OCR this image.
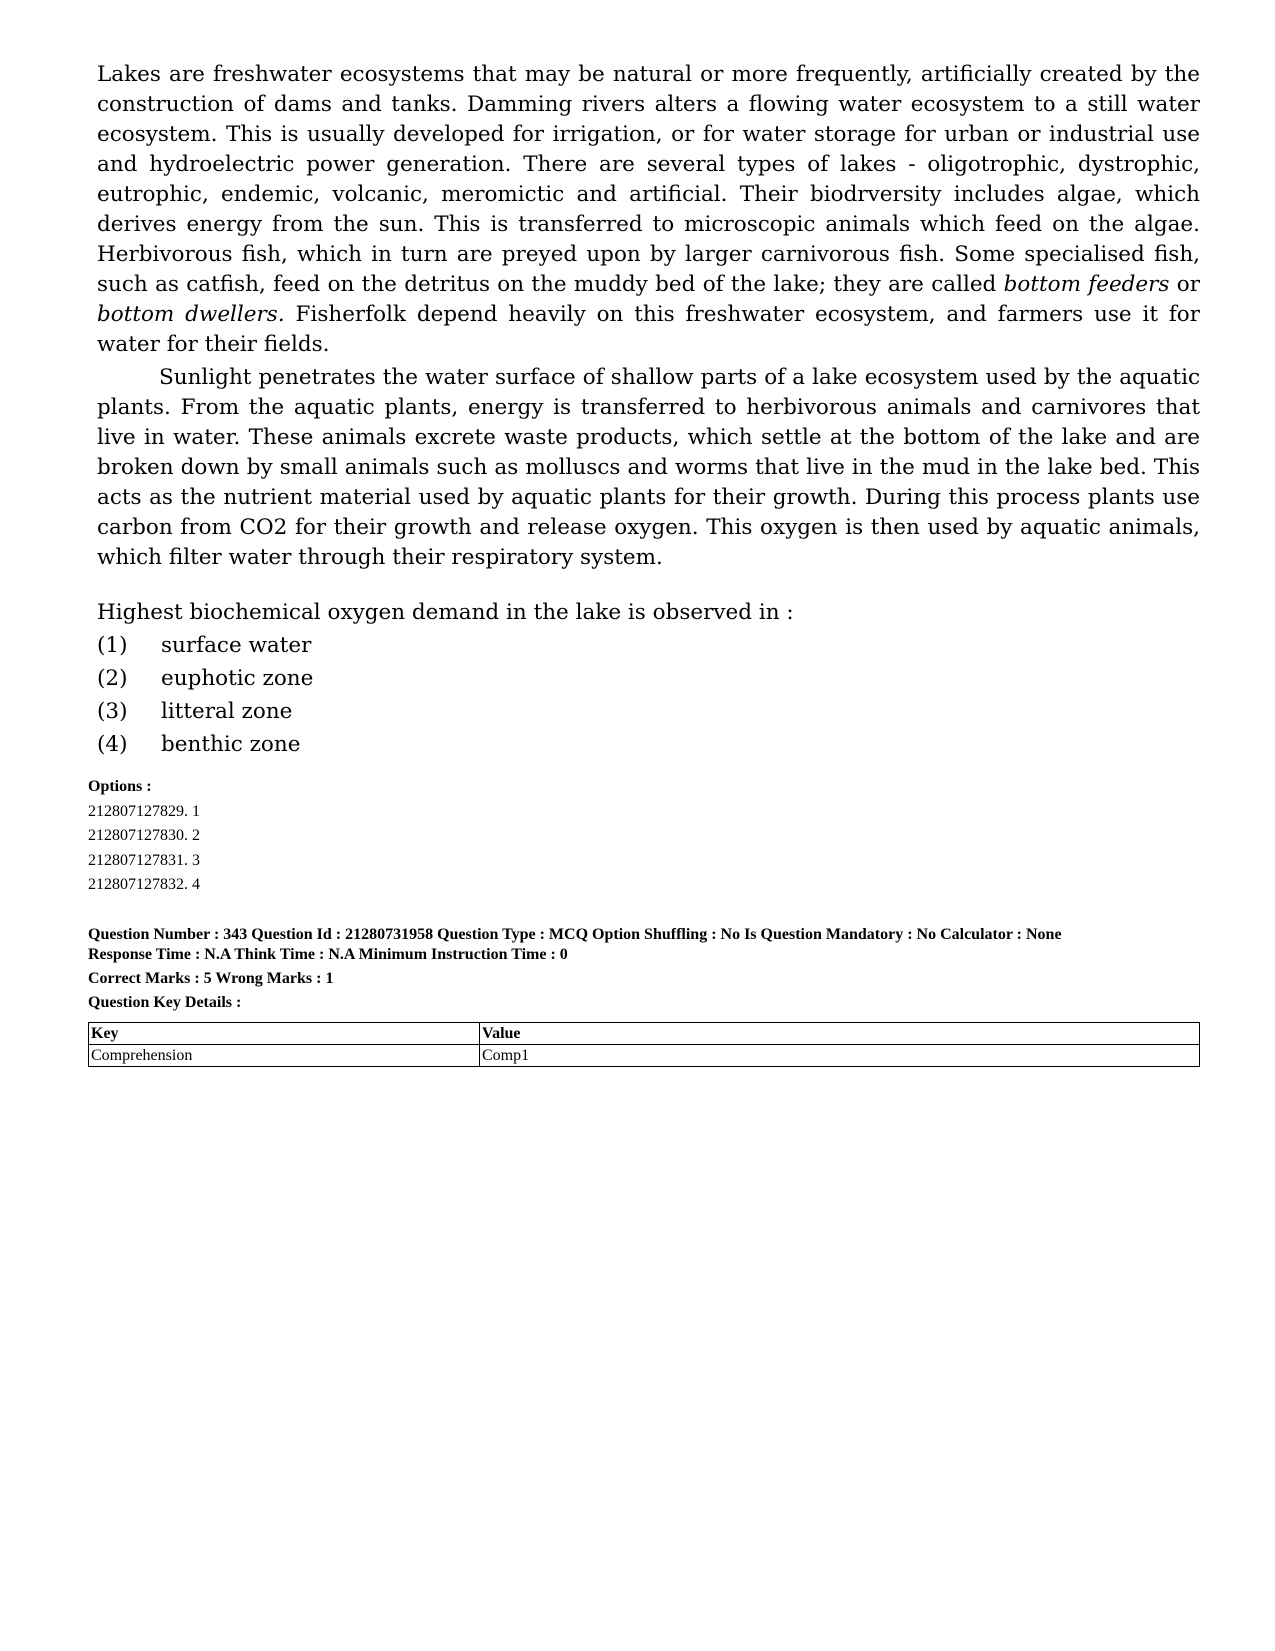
Lakes are freshwater ecosystems that may be natural or more frequently, artificially created by the construction of dams and tanks. Damming rivers alters a flowing water ecosystem to a still water ecosystem. This is usually developed for irrigation, or for water storage for urban or industrial use and hydroelectric power generation. There are several types of lakes - oligotrophic, dystrophic, eutrophic, endemic, volcanic, meromictic and artificial. Their biodrversity includes algae, which derives energy from the sun. This is transferred to microscopic animals which feed on the algae. Herbivorous fish, which in turn are preyed upon by larger carnivorous fish. Some specialised fish, such as catfish, feed on the detritus on the muddy bed of the lake; they are called bottom feeders or bottom dwellers. Fisherfolk depend heavily on this freshwater ecosystem, and farmers use it for water for their fields.

Sunlight penetrates the water surface of shallow parts of a lake ecosystem used by the aquatic plants. From the aquatic plants, energy is transferred to herbivorous animals and carnivores that live in water. These animals excrete waste products, which settle at the bottom of the lake and are broken down by small animals such as molluscs and worms that live in the mud in the lake bed. This acts as the nutrient material used by aquatic plants for their growth. During this process plants use carbon from CO2 for their growth and release oxygen. This oxygen is then used by aquatic animals, which filter water through their respiratory system.

Highest biochemical oxygen demand in the lake is observed in :
(1)	surface water
(2)	euphotic zone
(3)	litteral zone
(4)	benthic zone
Options :
212807127829. 1
212807127830. 2
212807127831. 3
212807127832. 4
Question Number : 343 Question Id : 21280731958 Question Type : MCQ Option Shuffling : No Is Question Mandatory : No Calculator : None
Response Time : N.A Think Time : N.A Minimum Instruction Time : 0
Correct Marks : 5 Wrong Marks : 1
Question Key Details :
Key	Value
Comprehension	Comp1
